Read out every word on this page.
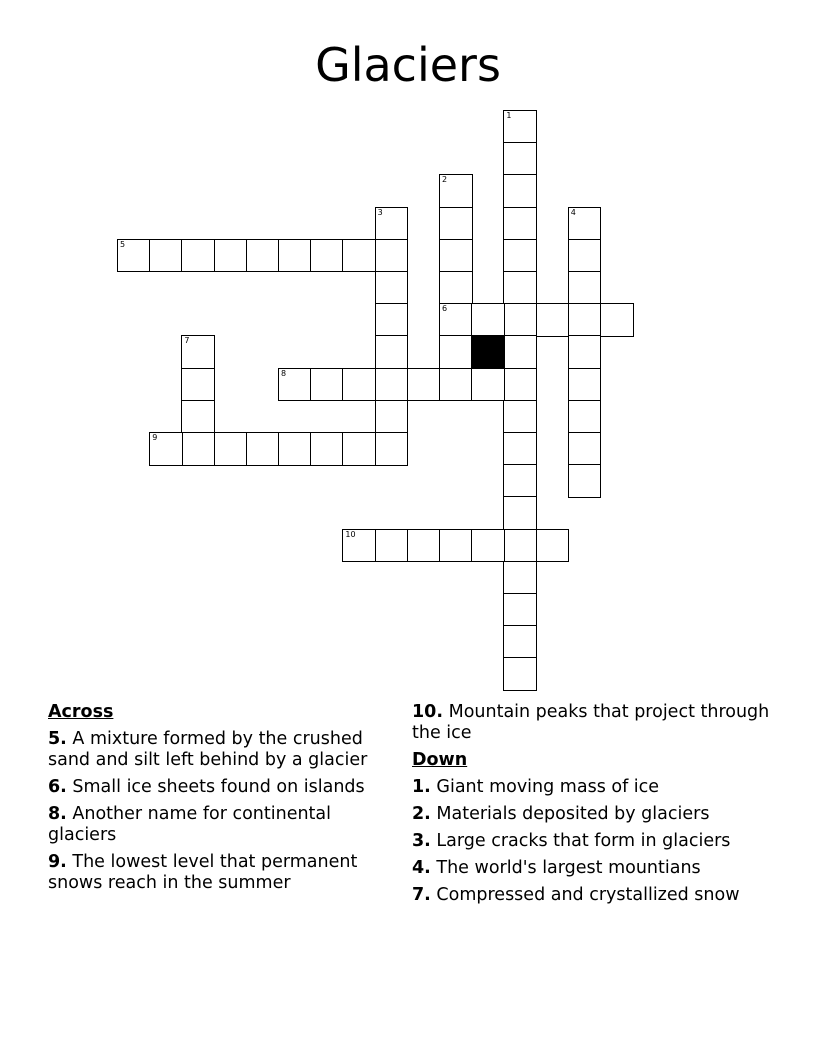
Glaciers
1
2
6
3	4
5
7
8
9
10
Across
5. A mixture formed by the crushed sand and silt left behind by a glacier
6. Small ice sheets found on islands
8. Another name for continental glaciers
9. The lowest level that permanent snows reach in the summer
10. Mountain peaks that project through the ice
Down
1. Giant moving mass of ice
2. Materials deposited by glaciers
3. Large cracks that form in glaciers
4. The world's largest mountians
7. Compressed and crystallized snow
